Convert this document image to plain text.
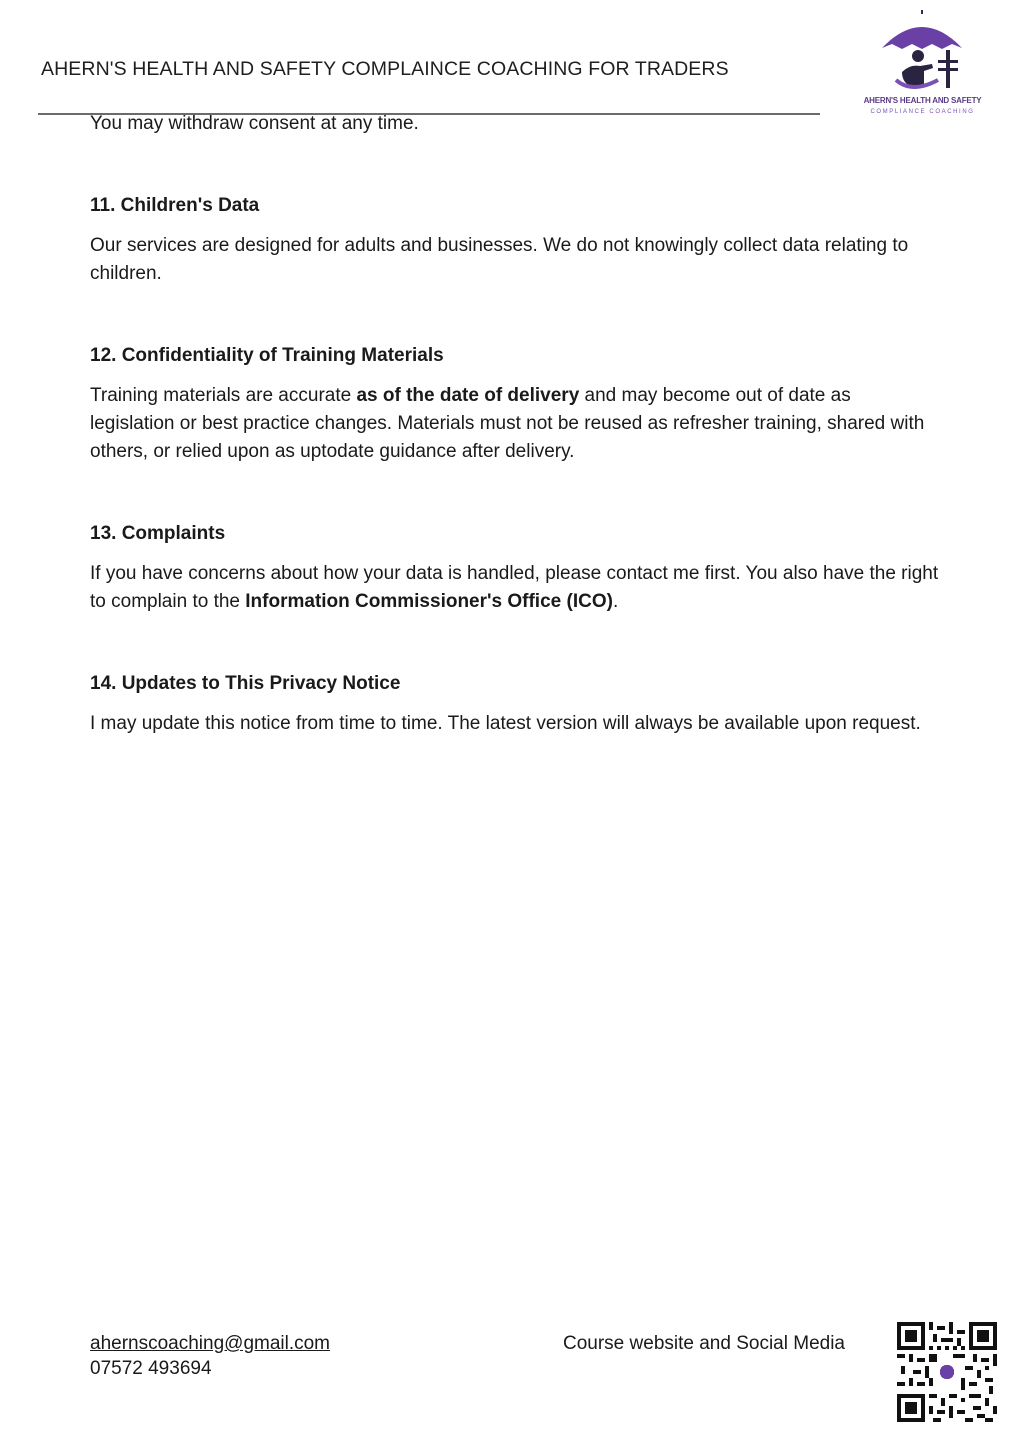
AHERN'S HEALTH AND SAFETY COMPLAINCE COACHING FOR TRADERS
AHERN'S HEALTH AND SAFETY
COMPLIANCE COACHING

You may withdraw consent at any time.

11. Children's Data

Our services are designed for adults and businesses. We do not knowingly collect data relating to children.

12. Confidentiality of Training Materials

Training materials are accurate as of the date of delivery and may become out of date as legislation or best practice changes. Materials must not be reused as refresher training, shared with others, or relied upon as uptodate guidance after delivery.

13. Complaints

If you have concerns about how your data is handled, please contact me first. You also have the right to complain to the Information Commissioner's Office (ICO).

14. Updates to This Privacy Notice

I may update this notice from time to time. The latest version will always be available upon request.

ahernscoaching@gmail.com
07572 493694
Course website and Social Media
